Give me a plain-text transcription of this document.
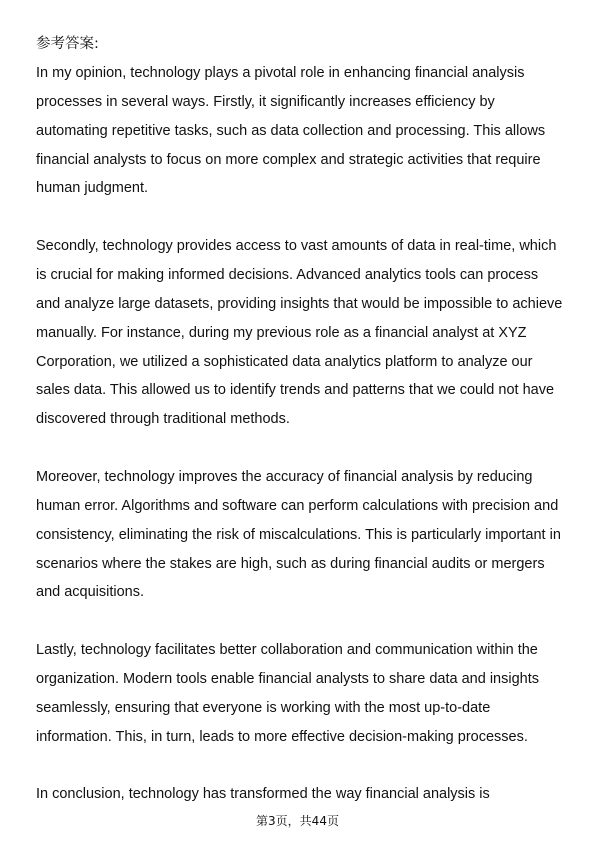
参考答案:
In my opinion, technology plays a pivotal role in enhancing financial analysis
processes in several ways. Firstly, it significantly increases efficiency by
automating repetitive tasks, such as data collection and processing. This allows
financial analysts to focus on more complex and strategic activities that require
human judgment.
Secondly, technology provides access to vast amounts of data in real-time, which
is crucial for making informed decisions. Advanced analytics tools can process
and analyze large datasets, providing insights that would be impossible to achieve
manually. For instance, during my previous role as a financial analyst at XYZ
Corporation, we utilized a sophisticated data analytics platform to analyze our
sales data. This allowed us to identify trends and patterns that we could not have
discovered through traditional methods.
Moreover, technology improves the accuracy of financial analysis by reducing
human error. Algorithms and software can perform calculations with precision and
consistency, eliminating the risk of miscalculations. This is particularly important in
scenarios where the stakes are high, such as during financial audits or mergers
and acquisitions.
Lastly, technology facilitates better collaboration and communication within the
organization. Modern tools enable financial analysts to share data and insights
seamlessly, ensuring that everyone is working with the most up-to-date
information. This, in turn, leads to more effective decision-making processes.
In conclusion, technology has transformed the way financial analysis is
第3页，共44页
